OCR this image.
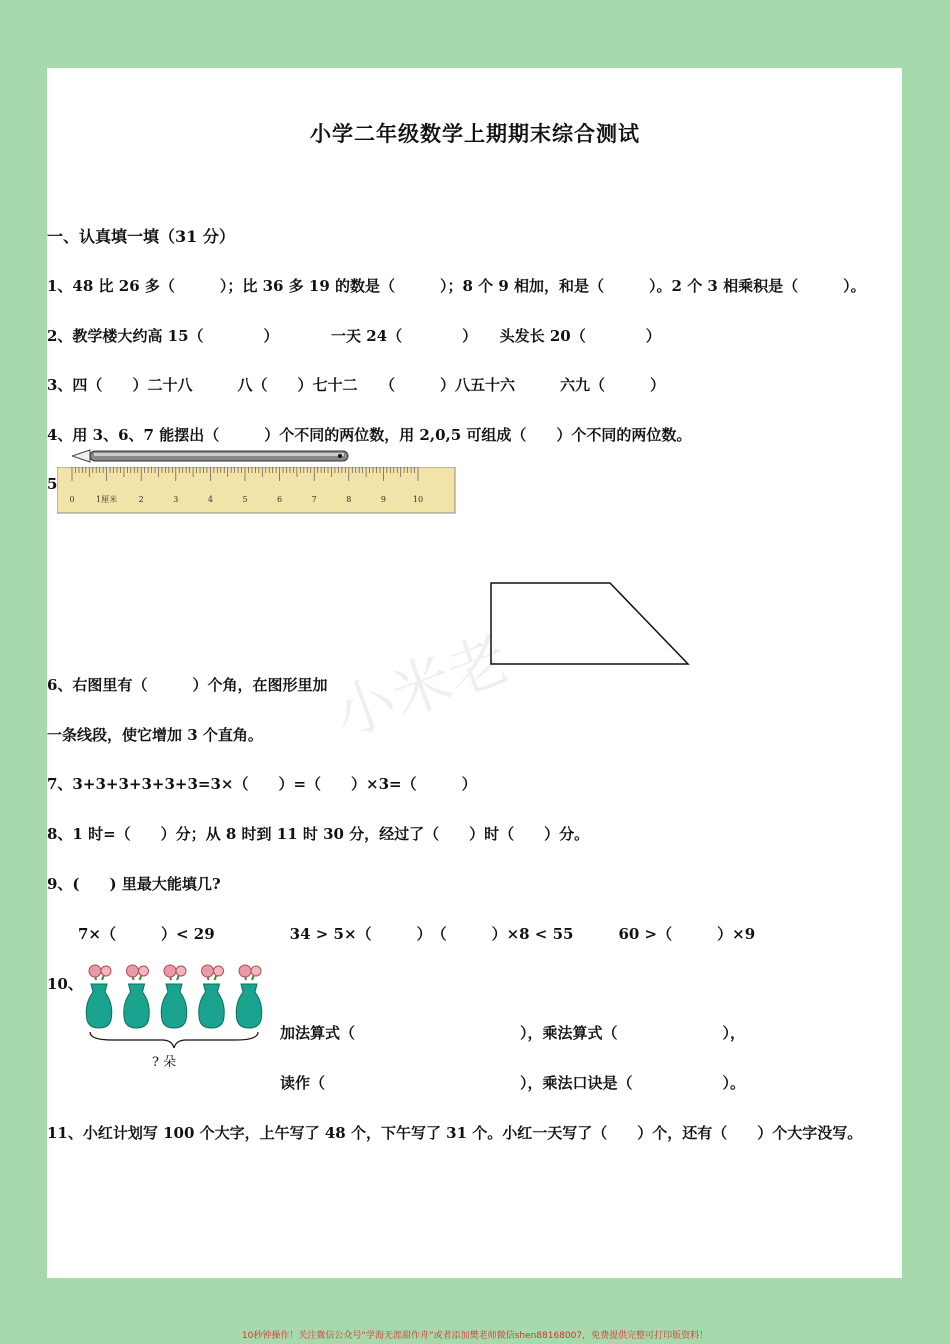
小米老
小学二年级数学上期期末综合测试
一、认真填一填（31 分）
1、48 比 26 多（　　　）；比 36 多 19 的数是（　　　）；8 个 9 相加，和是（　　　）。2 个 3 相乘积是（　　　）。
2、教学楼大约高 15（　　　　）　　　　一天 24（　　　　）　　头发长 20（　　　　）
3、四（　　）二十八　　　八（　　）七十二　　（　　　）八五十六　　　六九（　　　）
4、用 3、6、7 能摆出（　　　）个不同的两位数，用 2,0,5 可组成（　　）个不同的两位数。
5
0	1厘米	2	3	4	5	6	7	8	9	10
6、右图里有（　　　）个角，在图形里加
一条线段，使它增加 3 个直角。
7、3+3+3+3+3+3=3×（　　）=（　　）×3=（　　　）
8、1 时=（　　）分；从 8 时到 11 时 30 分，经过了（　　）时（　　）分。
9、(　　) 里最大能填几?
7×（　　　）< 29　　　　　34 > 5×（　　　）　（　　　）×8 < 55　　　60 >（　　　）×9
10、
? 朵
加法算式（　　　　　　　　　　　），乘法算式（　　　　　　　），
读作（　　　　　　　　　　　　　），乘法口诀是（　　　　　　）。
11、小红计划写 100 个大字，上午写了 48 个，下午写了 31 个。小红一天写了（　　）个，还有（　　）个大字没写。
10秒钟操作！关注微信公众号“学海无涯甜作舟”或者添加樊老师微信shen88168007，免费提供完整可打印版资料！
